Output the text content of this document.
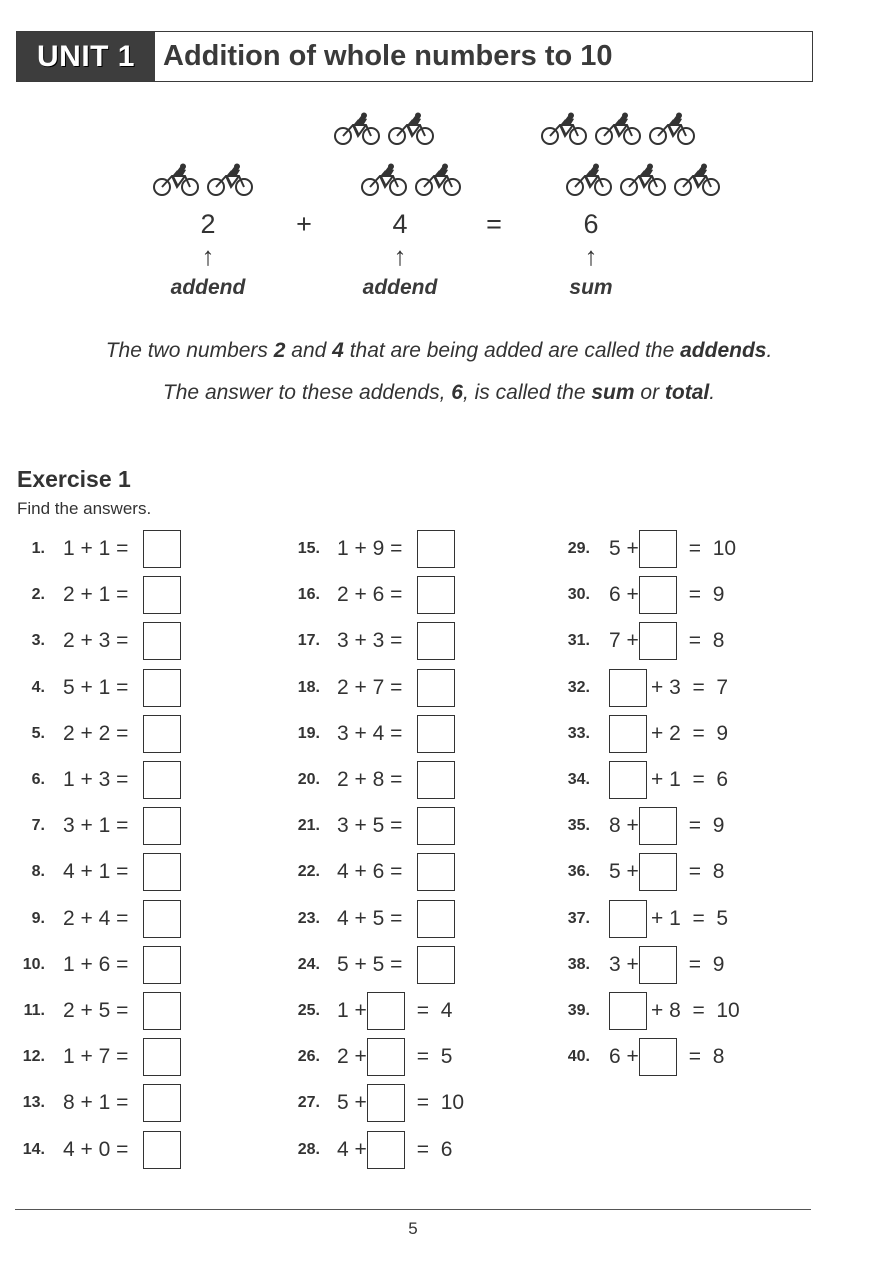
UNIT 1 Addition of whole numbers to 10
2	+	4	=	6
↑	↑	↑
addend	addend	sum
The two numbers 2 and 4 that are being added are called the addends.
The answer to these addends, 6, is called the sum or total.
Exercise 1
Find the answers.
1. 1 + 1 =
2. 2 + 1 =
3. 2 + 3 =
4. 5 + 1 =
5. 2 + 2 =
6. 1 + 3 =
7. 3 + 1 =
8. 4 + 1 =
9. 2 + 4 =
10. 1 + 6 =
11. 2 + 5 =
12. 1 + 7 =
13. 8 + 1 =
14. 4 + 0 =
15. 1 + 9 =
16. 2 + 6 =
17. 3 + 3 =
18. 2 + 7 =
19. 3 + 4 =
20. 2 + 8 =
21. 3 + 5 =
22. 4 + 6 =
23. 4 + 5 =
24. 5 + 5 =
25. 1 + =  4
26. 2 + =  5
27. 5 + =  10
28. 4 + =  6
29. 5 + =  10
30. 6 + =  9
31. 7 + =  8
32.	+ 3  =  7
33.	+ 2  =  9
34.	+ 1  =  6
35. 8 + =  9
36. 5 + =  8
37.	+ 1  =  5
38. 3 + =  9
39.	+ 8  =  10
40. 6 + =  8
5
